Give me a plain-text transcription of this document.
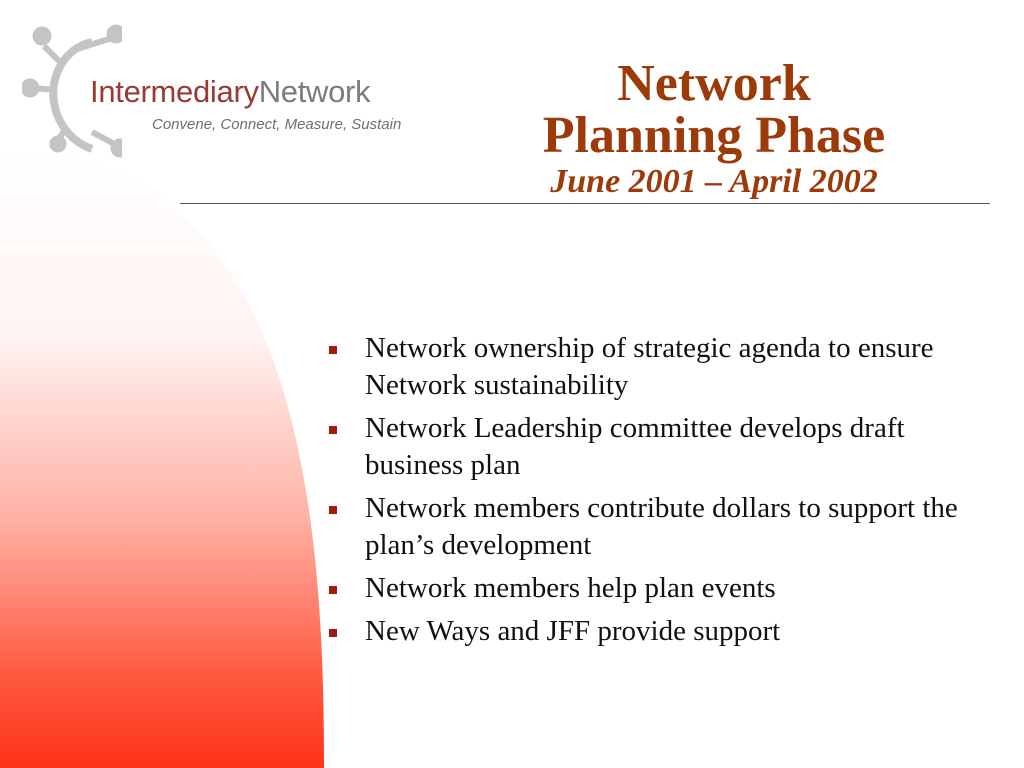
IntermediaryNetwork
Convene, Connect, Measure, Sustain
Network
Planning Phase
June 2001 – April 2002
Network ownership of strategic agenda to ensure Network sustainability
Network Leadership committee develops draft business plan
Network members contribute dollars to support the plan’s development
Network members help plan events
New Ways and JFF provide support
